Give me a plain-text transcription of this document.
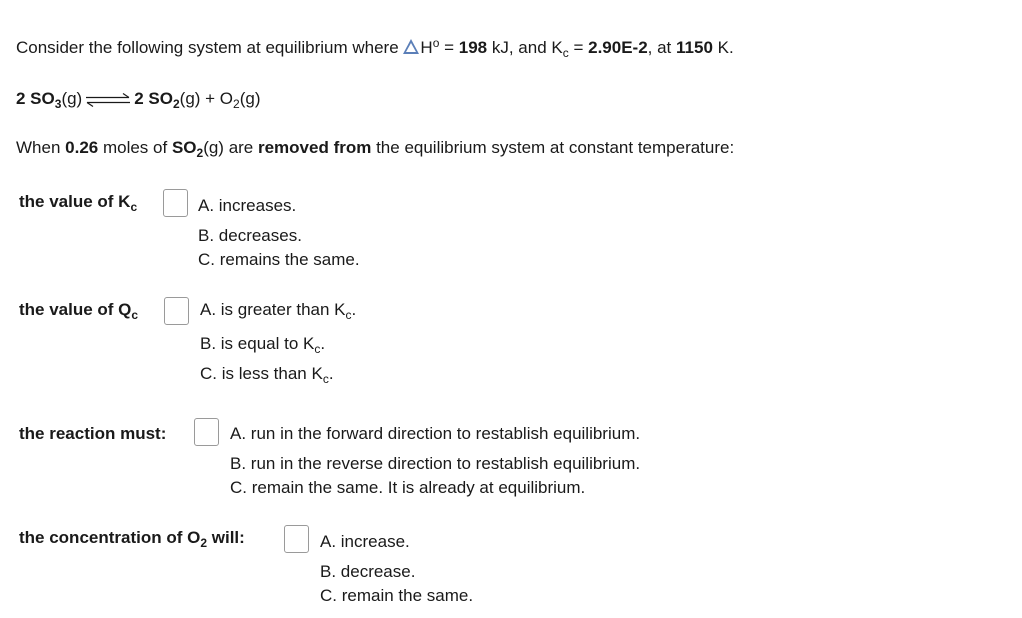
Consider the following system at equilibrium where $H^o = 198$ kJ, and $K_c = 2.90E-2$, at 1150 K.
2 $SO_3(g)$ ⇌ 2 $SO_2(g) + O_2(g)$
When 0.26 moles of $SO_2(g)$ are removed from the equilibrium system at constant temperature:
the value of $K_c$	A. increases.
B. decreases.
C. remains the same.
the value of $Q_c$	A. is greater than $K_c$.
B. is equal to $K_c$.
C. is less than $K_c$.
the reaction must:	A. run in the forward direction to restablish equilibrium.
B. run in the reverse direction to restablish equilibrium.
C. remain the same. It is already at equilibrium.
the concentration of $O_2$ will:	A. increase.
B. decrease.
C. remain the same.
